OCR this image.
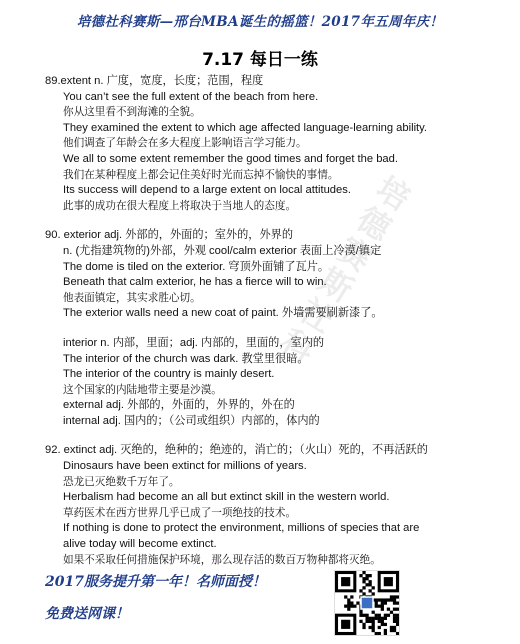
培德社科赛斯—邢台MBA诞生的摇篮！2017年五周年庆！
7.17 每日一练
89.extent n. 广度，宽度，长度；范围，程度
You can’t see the full extent of the beach from here.
你从这里看不到海滩的全貌。
They examined the extent to which age affected language-learning ability.
他们调查了年龄会在多大程度上影响语言学习能力。
We all to some extent remember the good times and forget the bad.
我们在某种程度上都会记住美好时光而忘掉不愉快的事情。
Its success will depend to a large extent on local attitudes.
此事的成功在很大程度上将取决于当地人的态度。
90. exterior adj. 外部的，外面的；室外的，外界的
n. (尤指建筑物的)外部，外观 cool/calm exterior 表面上冷漠/镇定
The dome is tiled on the exterior. 穹顶外面铺了瓦片。
Beneath that calm exterior, he has a fierce will to win.
他表面镇定，其实求胜心切。
The exterior walls need a new coat of paint. 外墙需要刷新漆了。
interior n. 内部，里面；adj. 内部的，里面的，室内的
The interior of the church was dark. 教堂里很暗。
The interior of the country is mainly desert.
这个国家的内陆地带主要是沙漠。
external adj. 外部的，外面的，外界的，外在的
internal adj. 国内的；（公司或组织）内部的，体内的
92. extinct adj. 灭绝的，绝种的；绝迹的，消亡的；（火山）死的，不再活跃的
Dinosaurs have been extinct for millions of years.
恐龙已灭绝数千万年了。
Herbalism had become an all but extinct skill in the western world.
草药医术在西方世界几乎已成了一项绝技的技术。
If nothing is done to protect the environment, millions of species that are
alive today will become extinct.
如果不采取任何措施保护环境，那么现存活的数百万物种都将灭绝。
培德赛斯社科
2017服务提升第一年！名师面授！
免费送网课！
